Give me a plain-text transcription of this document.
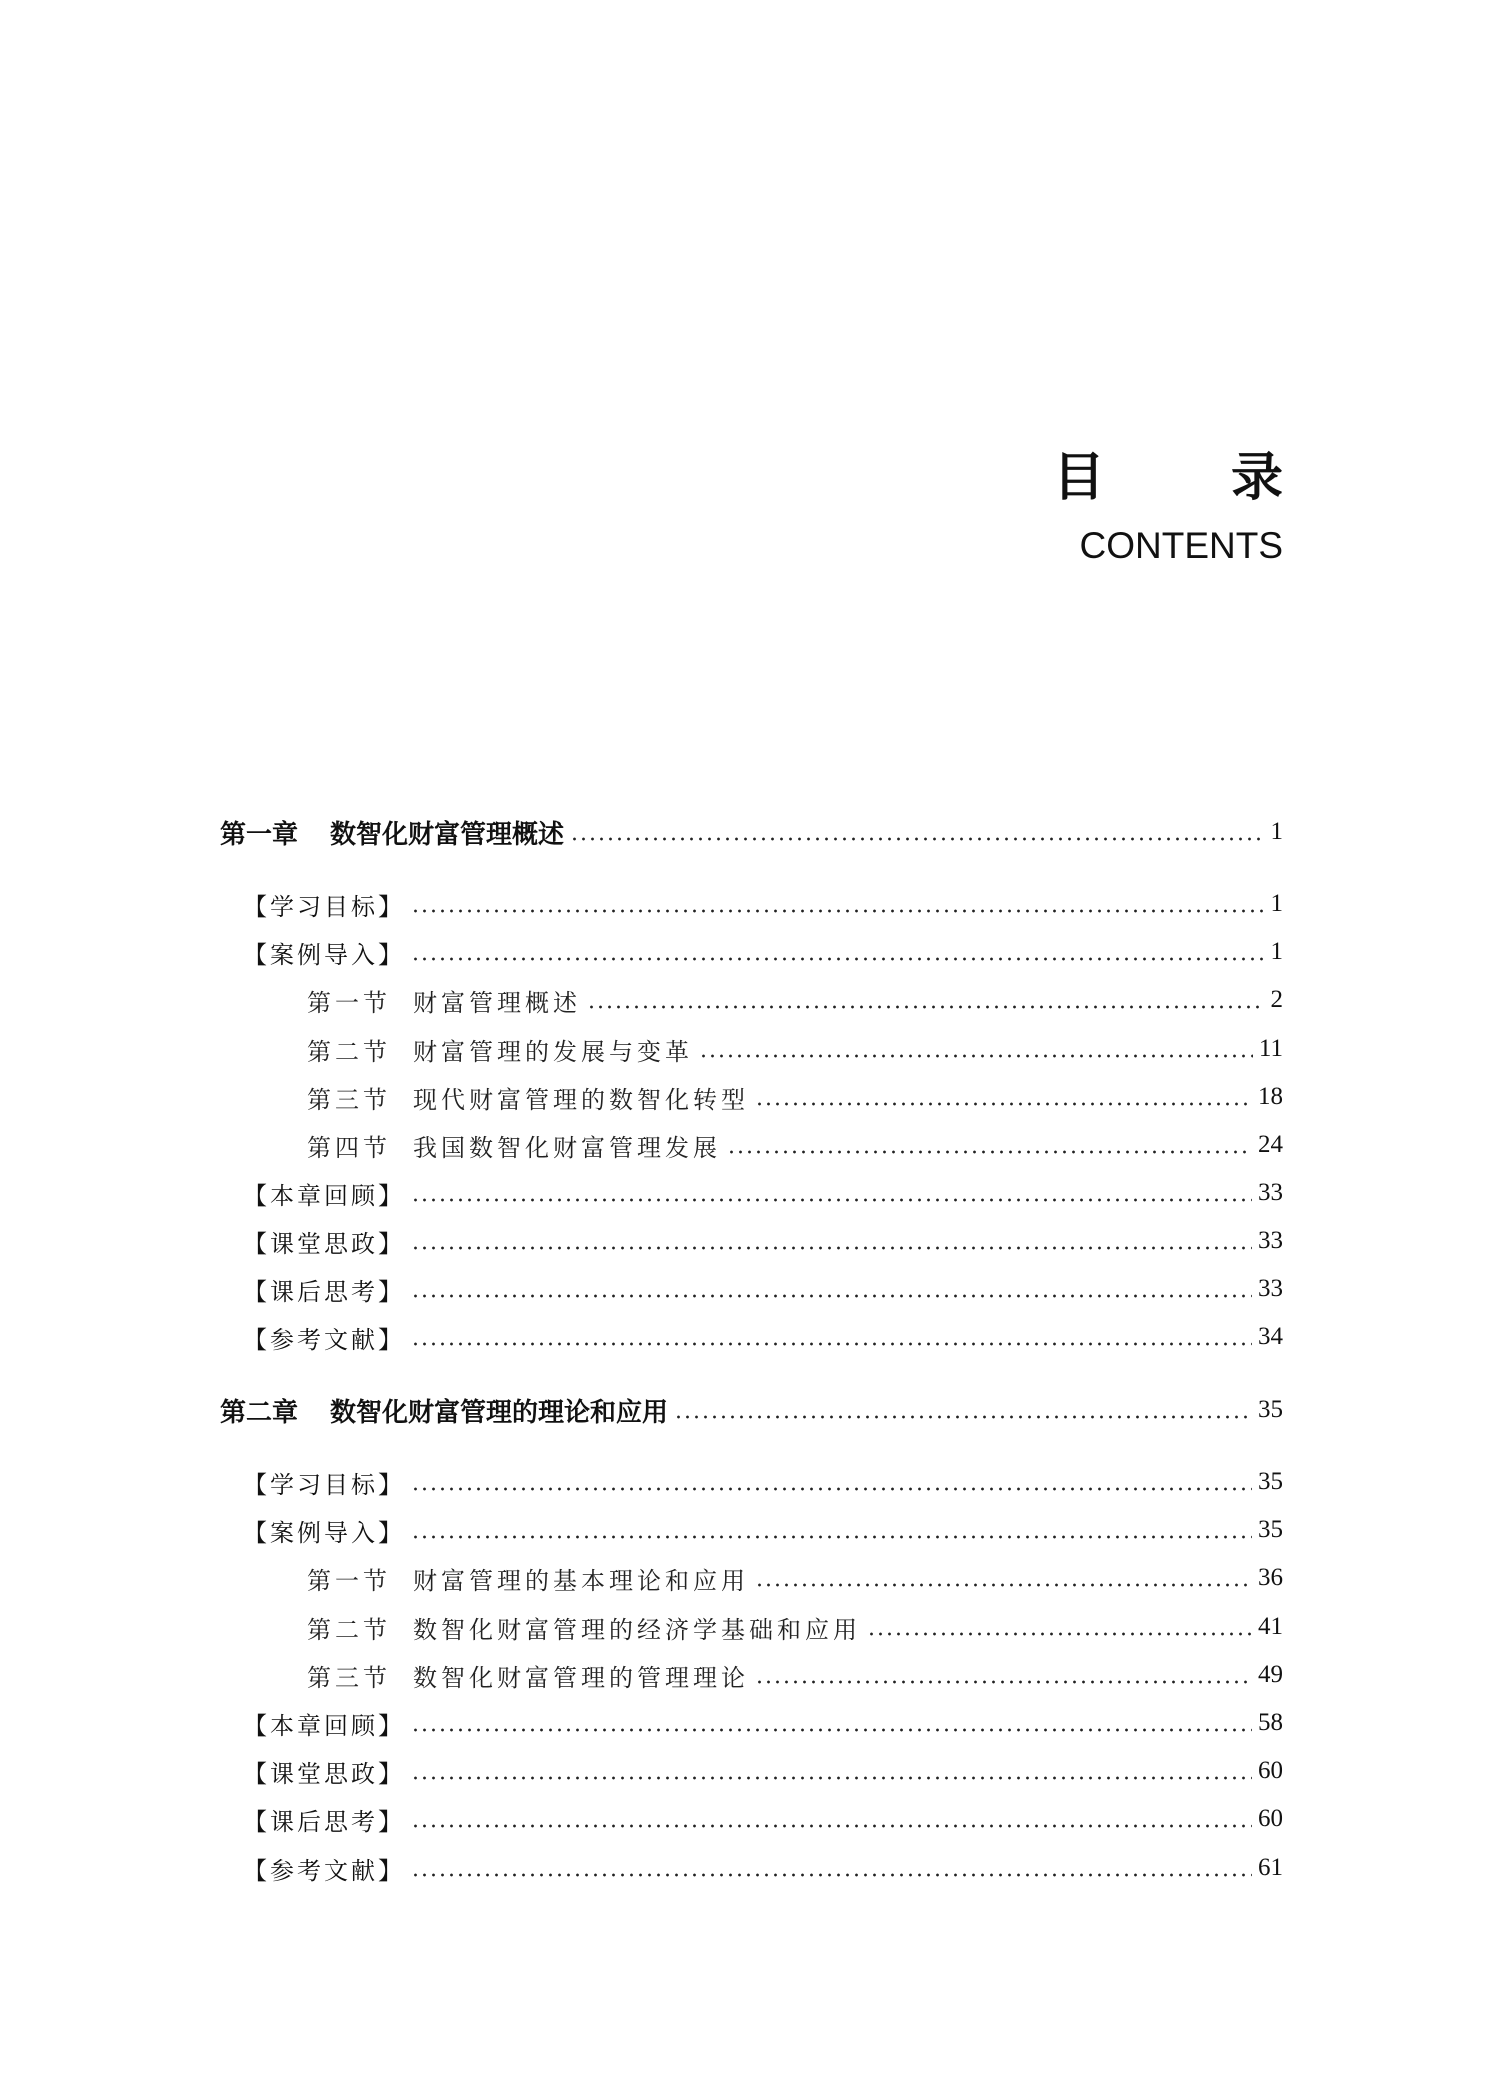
目 录
CONTENTS
第一章 数智化财富管理概述	1
【学习目标】	1
【案例导入】	1
第一节 财富管理概述	2
第二节 财富管理的发展与变革	11
第三节 现代财富管理的数智化转型	18
第四节 我国数智化财富管理发展	24
【本章回顾】	33
【课堂思政】	33
【课后思考】	33
【参考文献】	34
第二章 数智化财富管理的理论和应用	35
【学习目标】	35
【案例导入】	35
第一节 财富管理的基本理论和应用	36
第二节 数智化财富管理的经济学基础和应用	41
第三节 数智化财富管理的管理理论	49
【本章回顾】	58
【课堂思政】	60
【课后思考】	60
【参考文献】	61
